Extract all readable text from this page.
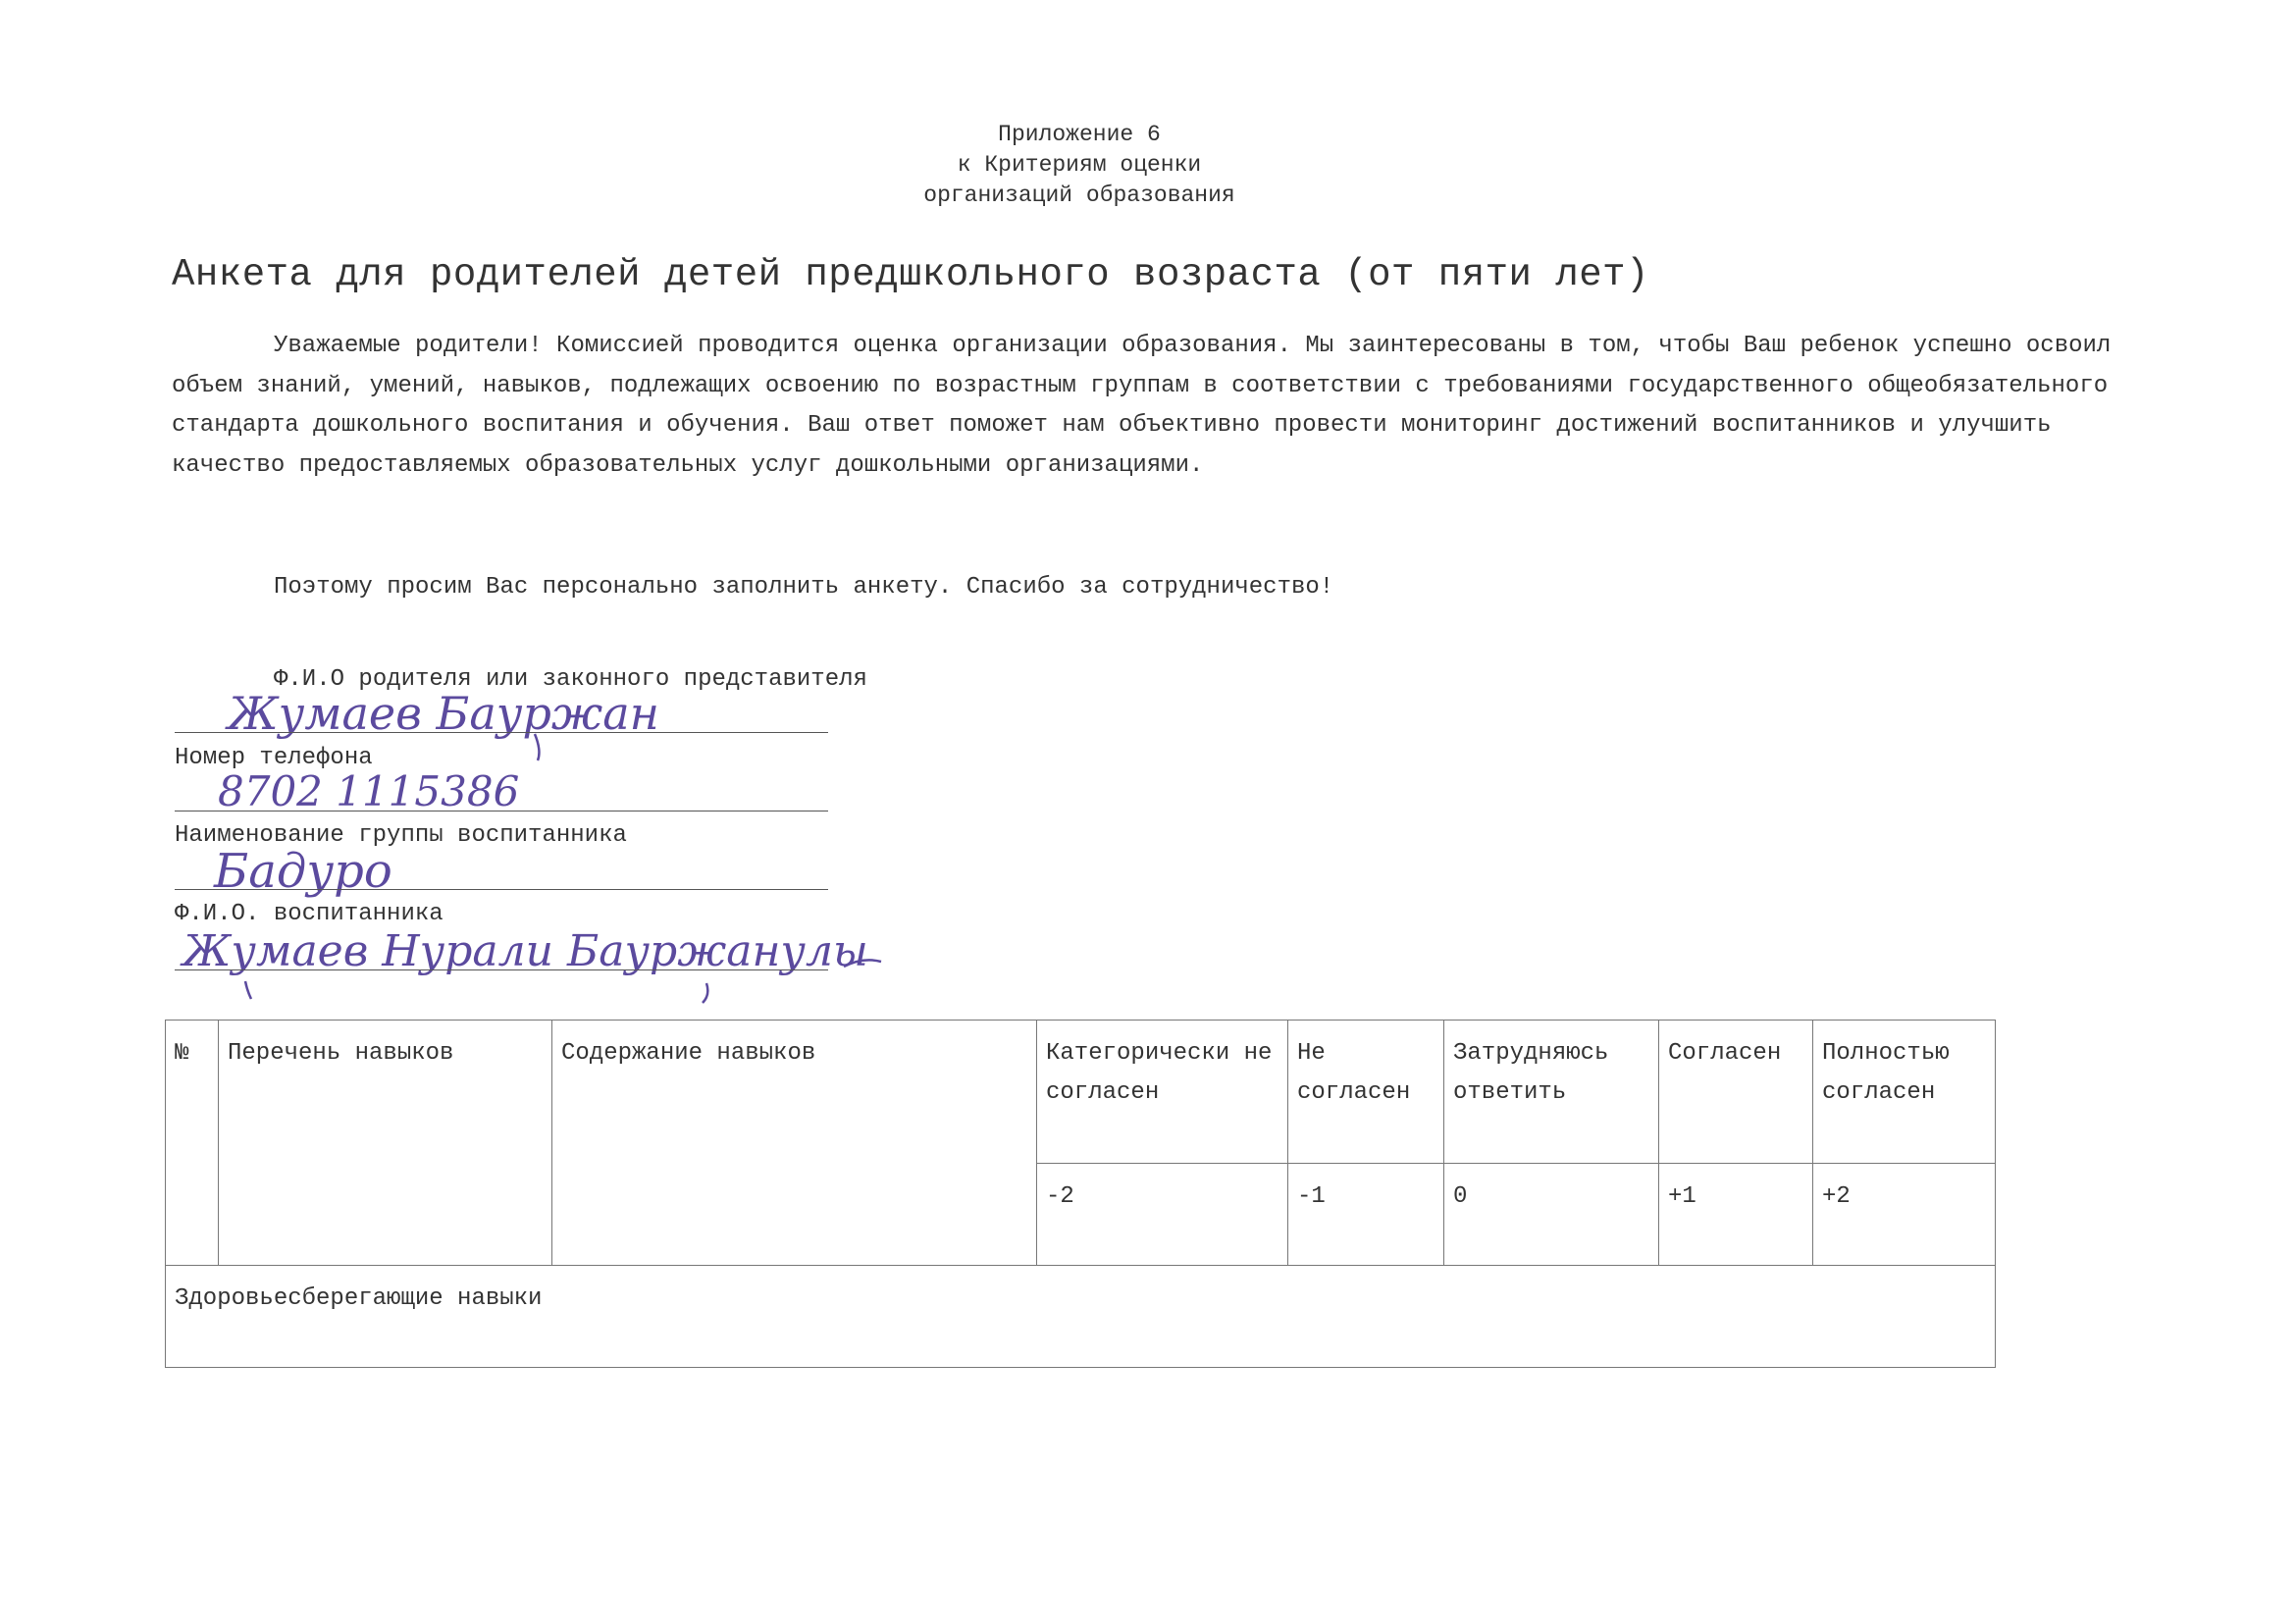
Приложение 6
к Критериям оценки
организаций образования
Анкета для родителей детей предшкольного возраста (от пяти лет)

Уважаемые родители! Комиссией проводится оценка организации образования. Мы заинтересованы в том, чтобы Ваш ребенок успешно освоил объем знаний, умений, навыков, подлежащих освоению по возрастным группам в соответствии с требованиями государственного общеобязательного стандарта дошкольного воспитания и обучения. Ваш ответ поможет нам объективно провести мониторинг достижений воспитанников и улучшить качество предоставляемых образовательных услуг дошкольными организациями.

Поэтому просим Вас персонально заполнить анкету. Спасибо за сотрудничество!
Ф.И.О родителя или законного представителя
Жумаев Бауржан
Номер телефона
8702 1115386
Наименование группы воспитанника
Бадуро
Ф.И.О. воспитанника
Жумаев Нурали Бауржанулы
№	Перечень навыков	Содержание навыков	Категорически не согласен	Не согласен	Затрудняюсь ответить	Согласен	Полностью согласен
			-2	-1	0	+1	+2
Здоровьесберегающие навыки							
